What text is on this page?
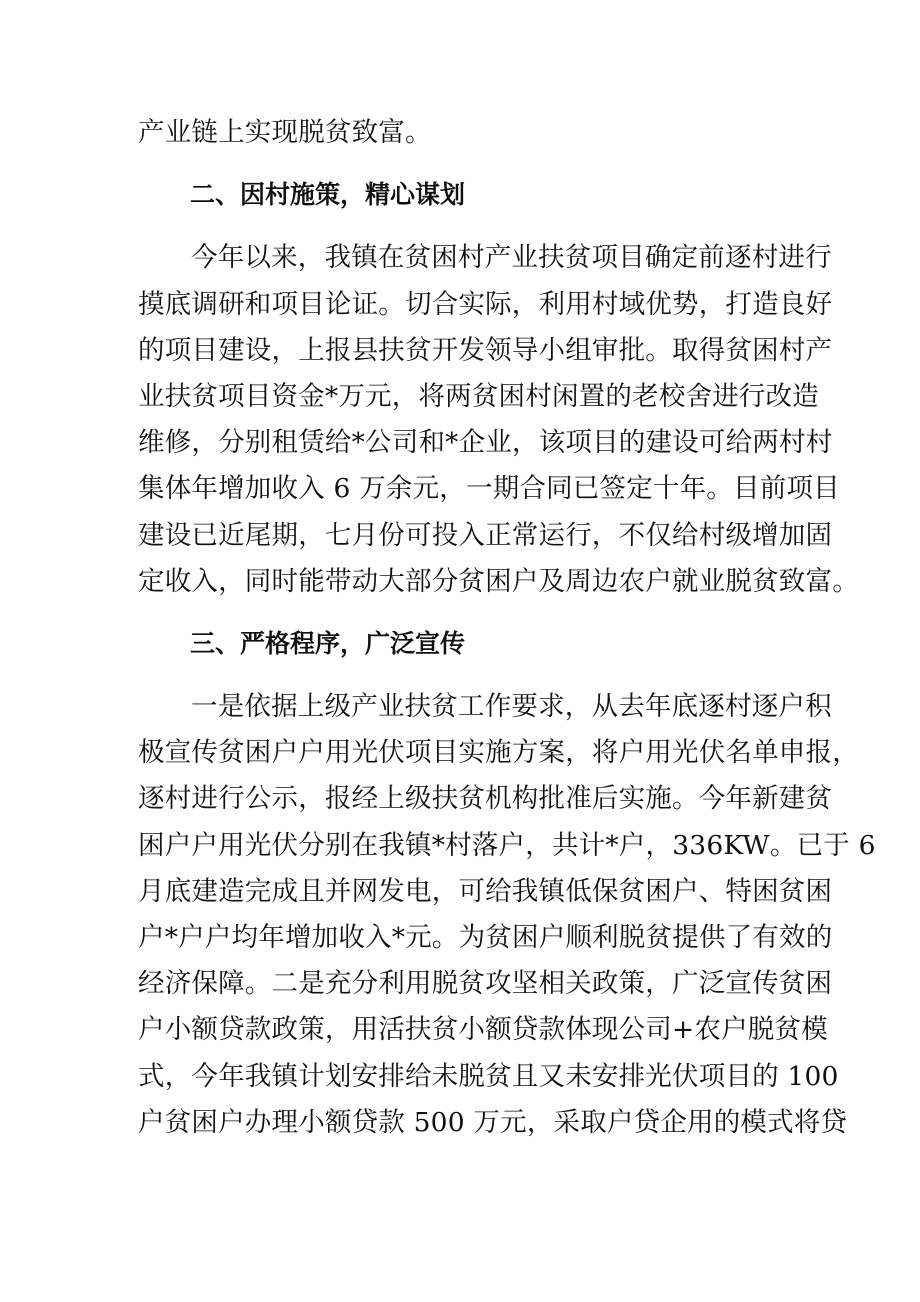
产业链上实现脱贫致富。
二、因村施策，精心谋划
今年以来，我镇在贫困村产业扶贫项目确定前逐村进行
摸底调研和项目论证。切合实际，利用村域优势，打造良好
的项目建设，上报县扶贫开发领导小组审批。取得贫困村产
业扶贫项目资金*万元，将两贫困村闲置的老校舍进行改造
维修，分别租赁给*公司和*企业，该项目的建设可给两村村
集体年增加收入 6 万余元，一期合同已签定十年。目前项目
建设已近尾期，七月份可投入正常运行，不仅给村级增加固
定收入，同时能带动大部分贫困户及周边农户就业脱贫致富。
三、严格程序，广泛宣传
一是依据上级产业扶贫工作要求，从去年底逐村逐户积
极宣传贫困户户用光伏项目实施方案，将户用光伏名单申报，
逐村进行公示，报经上级扶贫机构批准后实施。今年新建贫
困户户用光伏分别在我镇*村落户，共计*户，336KW。已于 6
月底建造完成且并网发电，可给我镇低保贫困户、特困贫困
户*户户均年增加收入*元。为贫困户顺利脱贫提供了有效的
经济保障。二是充分利用脱贫攻坚相关政策，广泛宣传贫困
户小额贷款政策，用活扶贫小额贷款体现公司+农户脱贫模
式，今年我镇计划安排给未脱贫且又未安排光伏项目的 100
户贫困户办理小额贷款 500 万元，采取户贷企用的模式将贷
